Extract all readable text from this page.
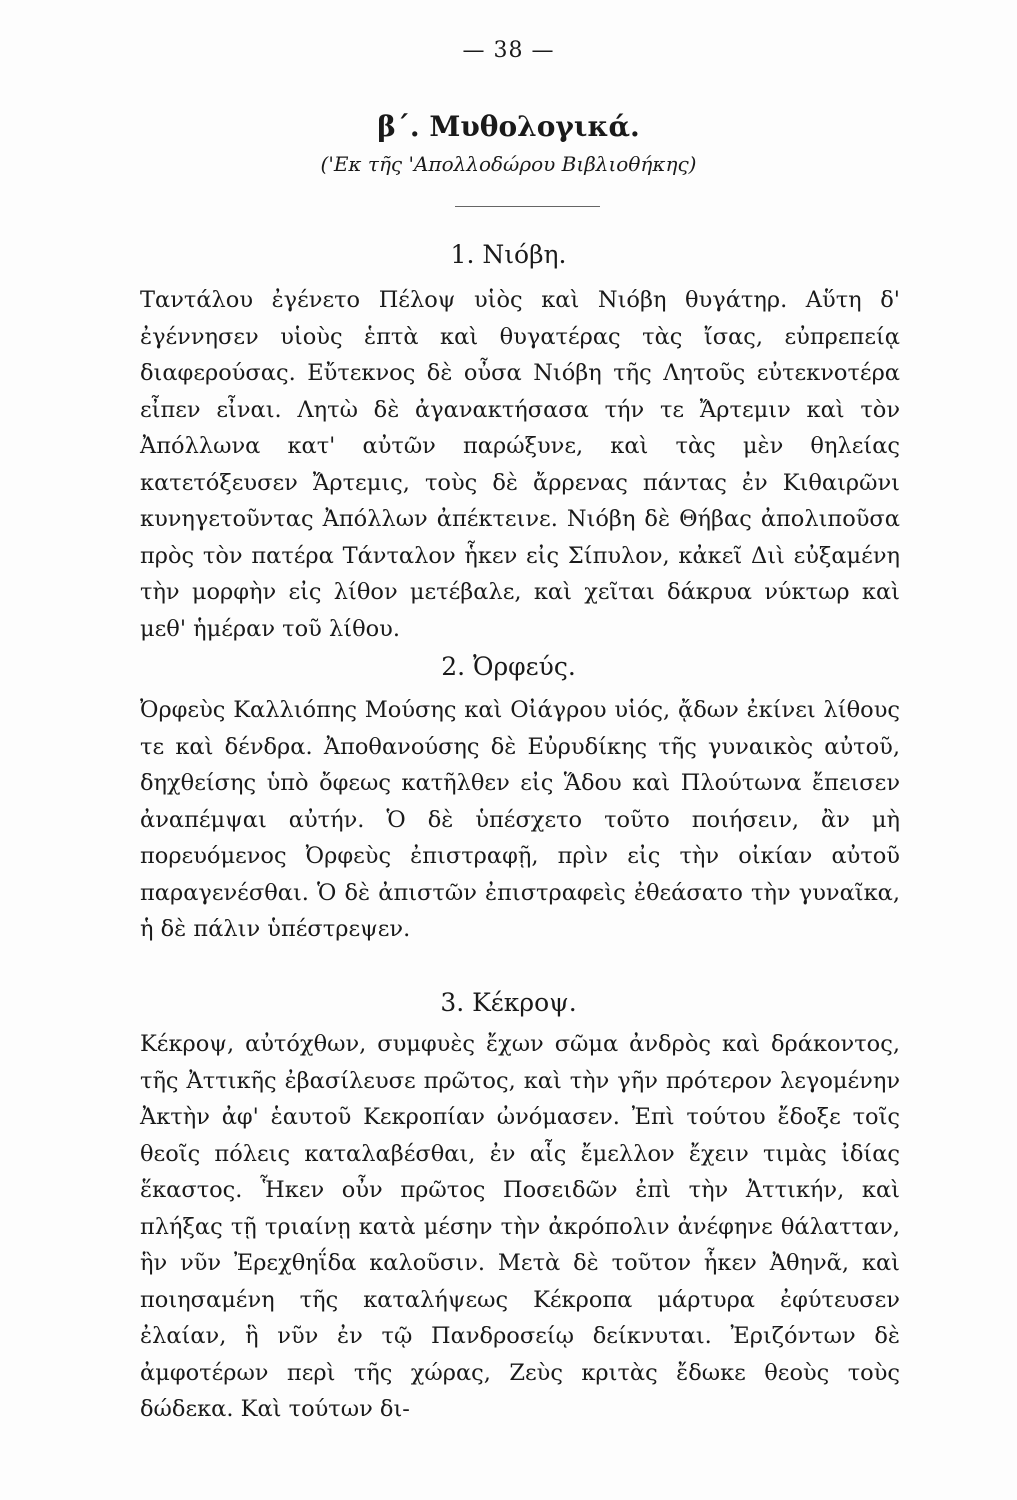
— 38 —
β΄. Μυθολογικά.
('Εκ τῆς 'Απολλοδώρου Βιβλιοθήκης)
1. Νιόβη.

Ταντάλου ἐγένετο Πέλοψ υἱὸς καὶ Νιόβη θυγάτηρ. Αὕτη δ' ἐγέννησεν υἱοὺς ἑπτὰ καὶ θυγατέρας τὰς ἴσας, εὐπρεπείᾳ διαφερούσας. Εὔτεκνος δὲ οὖσα Νιόβη τῆς Λητοῦς εὐτεκνοτέρα εἶπεν εἶναι. Λητὼ δὲ ἀγανακτήσασα τήν τε Ἄρτεμιν καὶ τὸν Ἀπόλλωνα κατ' αὐτῶν παρώξυνε, καὶ τὰς μὲν θηλείας κατετόξευσεν Ἄρτεμις, τοὺς δὲ ἄρρενας πάντας ἐν Κιθαιρῶνι κυνηγετοῦντας Ἀπόλλων ἀπέκτεινε. Νιόβη δὲ Θήβας ἀπολιποῦσα πρὸς τὸν πατέρα Τάνταλον ἧκεν εἰς Σίπυλον, κἀκεῖ Διὶ εὐξαμένη τὴν μορφὴν εἰς λίθον μετέβαλε, καὶ χεῖται δάκρυα νύκτωρ καὶ μεθ' ἡμέραν τοῦ λίθου.

2. Ὀρφεύς.

Ὀρφεὺς Καλλιόπης Μούσης καὶ Οἰάγρου υἱός, ᾄδων ἐκίνει λίθους τε καὶ δένδρα. Ἀποθανούσης δὲ Εὐρυδίκης τῆς γυναικὸς αὐτοῦ, δηχθείσης ὑπὸ ὄφεως κατῆλθεν εἰς Ἅδου καὶ Πλούτωνα ἔπεισεν ἀναπέμψαι αὐτήν. Ὁ δὲ ὑπέσχετο τοῦτο ποιήσειν, ἂν μὴ πορευόμενος Ὀρφεὺς ἐπιστραφῇ, πρὶν εἰς τὴν οἰκίαν αὐτοῦ παραγενέσθαι. Ὁ δὲ ἀπιστῶν ἐπιστραφεὶς ἐθεάσατο τὴν γυναῖκα, ἡ δὲ πάλιν ὑπέστρεψεν.

3. Κέκροψ.

Κέκροψ, αὐτόχθων, συμφυὲς ἔχων σῶμα ἀνδρὸς καὶ δράκοντος, τῆς Ἀττικῆς ἐβασίλευσε πρῶτος, καὶ τὴν γῆν πρότερον λεγομένην Ἀκτὴν ἀφ' ἑαυτοῦ Κεκροπίαν ὠνόμασεν. Ἐπὶ τούτου ἔδοξε τοῖς θεοῖς πόλεις καταλαβέσθαι, ἐν αἷς ἔμελλον ἔχειν τιμὰς ἰδίας ἕκαστος. Ἧκεν οὖν πρῶτος Ποσειδῶν ἐπὶ τὴν Ἀττικήν, καὶ πλήξας τῇ τριαίνῃ κατὰ μέσην τὴν ἀκρόπολιν ἀνέφηνε θάλατταν, ἣν νῦν Ἐρεχθηΐδα καλοῦσιν. Μετὰ δὲ τοῦτον ἧκεν Ἀθηνᾶ, καὶ ποιησαμένη τῆς καταλήψεως Κέκροπα μάρτυρα ἐφύτευσεν ἐλαίαν, ἣ νῦν ἐν τῷ Πανδροσείῳ δείκνυται. Ἐριζόντων δὲ ἀμφοτέρων περὶ τῆς χώρας, Ζεὺς κριτὰς ἔδωκε θεοὺς τοὺς δώδεκα. Καὶ τούτων δι-
